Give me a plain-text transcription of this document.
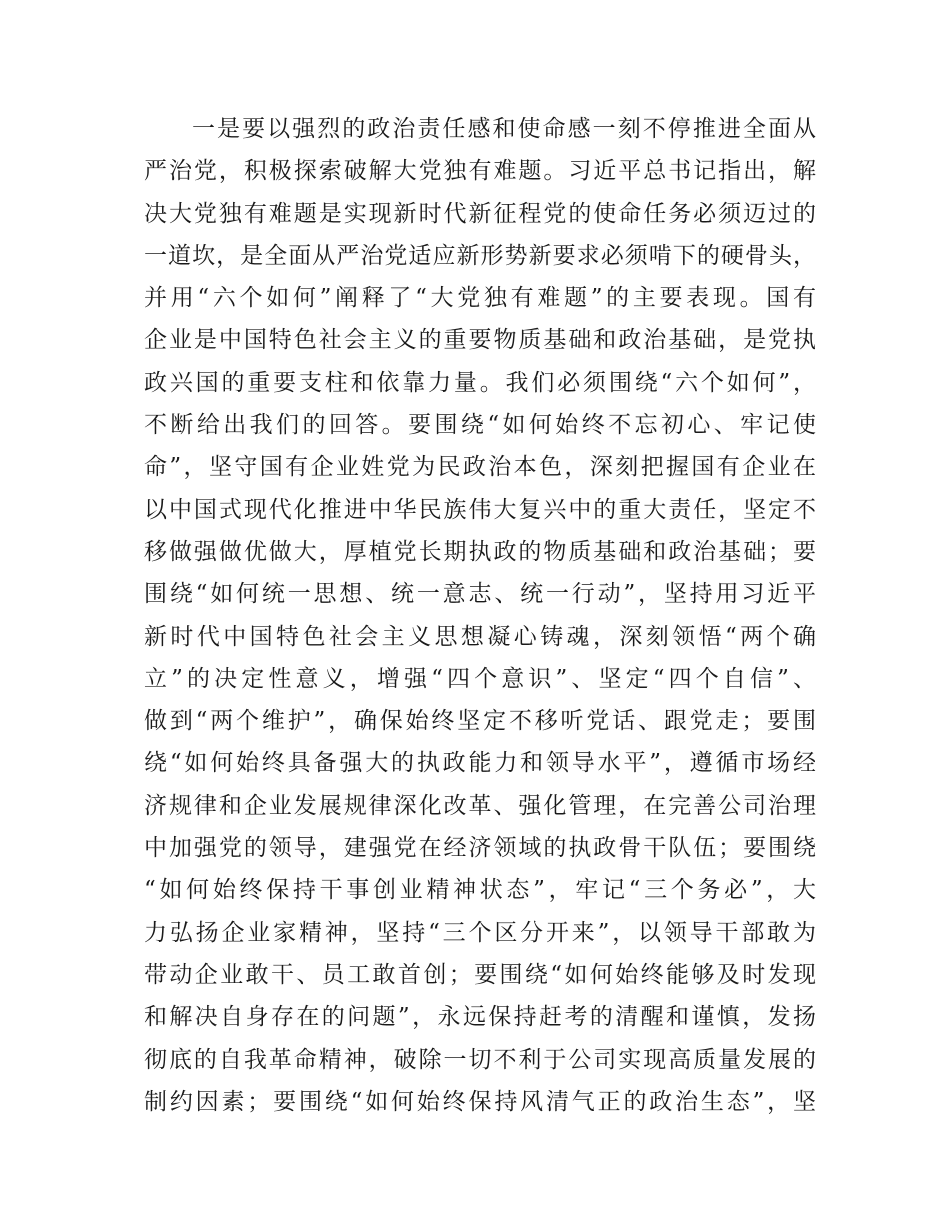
一是要以强烈的政治责任感和使命感一刻不停推进全面从
严治党，积极探索破解大党独有难题。习近平总书记指出，解
决大党独有难题是实现新时代新征程党的使命任务必须迈过的
一道坎，是全面从严治党适应新形势新要求必须啃下的硬骨头，
并用“六个如何”阐释了“大党独有难题”的主要表现。国有
企业是中国特色社会主义的重要物质基础和政治基础，是党执
政兴国的重要支柱和依靠力量。我们必须围绕“六个如何”，
不断给出我们的回答。要围绕“如何始终不忘初心、牢记使
命”，坚守国有企业姓党为民政治本色，深刻把握国有企业在
以中国式现代化推进中华民族伟大复兴中的重大责任，坚定不
移做强做优做大，厚植党长期执政的物质基础和政治基础；要
围绕“如何统一思想、统一意志、统一行动”，坚持用习近平
新时代中国特色社会主义思想凝心铸魂，深刻领悟“两个确
立”的决定性意义，增强“四个意识”、坚定“四个自信”、
做到“两个维护”，确保始终坚定不移听党话、跟党走；要围
绕“如何始终具备强大的执政能力和领导水平”，遵循市场经
济规律和企业发展规律深化改革、强化管理，在完善公司治理
中加强党的领导，建强党在经济领域的执政骨干队伍；要围绕
“如何始终保持干事创业精神状态”，牢记“三个务必”，大
力弘扬企业家精神，坚持“三个区分开来”，以领导干部敢为
带动企业敢干、员工敢首创；要围绕“如何始终能够及时发现
和解决自身存在的问题”，永远保持赶考的清醒和谨慎，发扬
彻底的自我革命精神，破除一切不利于公司实现高质量发展的
制约因素；要围绕“如何始终保持风清气正的政治生态”，坚
